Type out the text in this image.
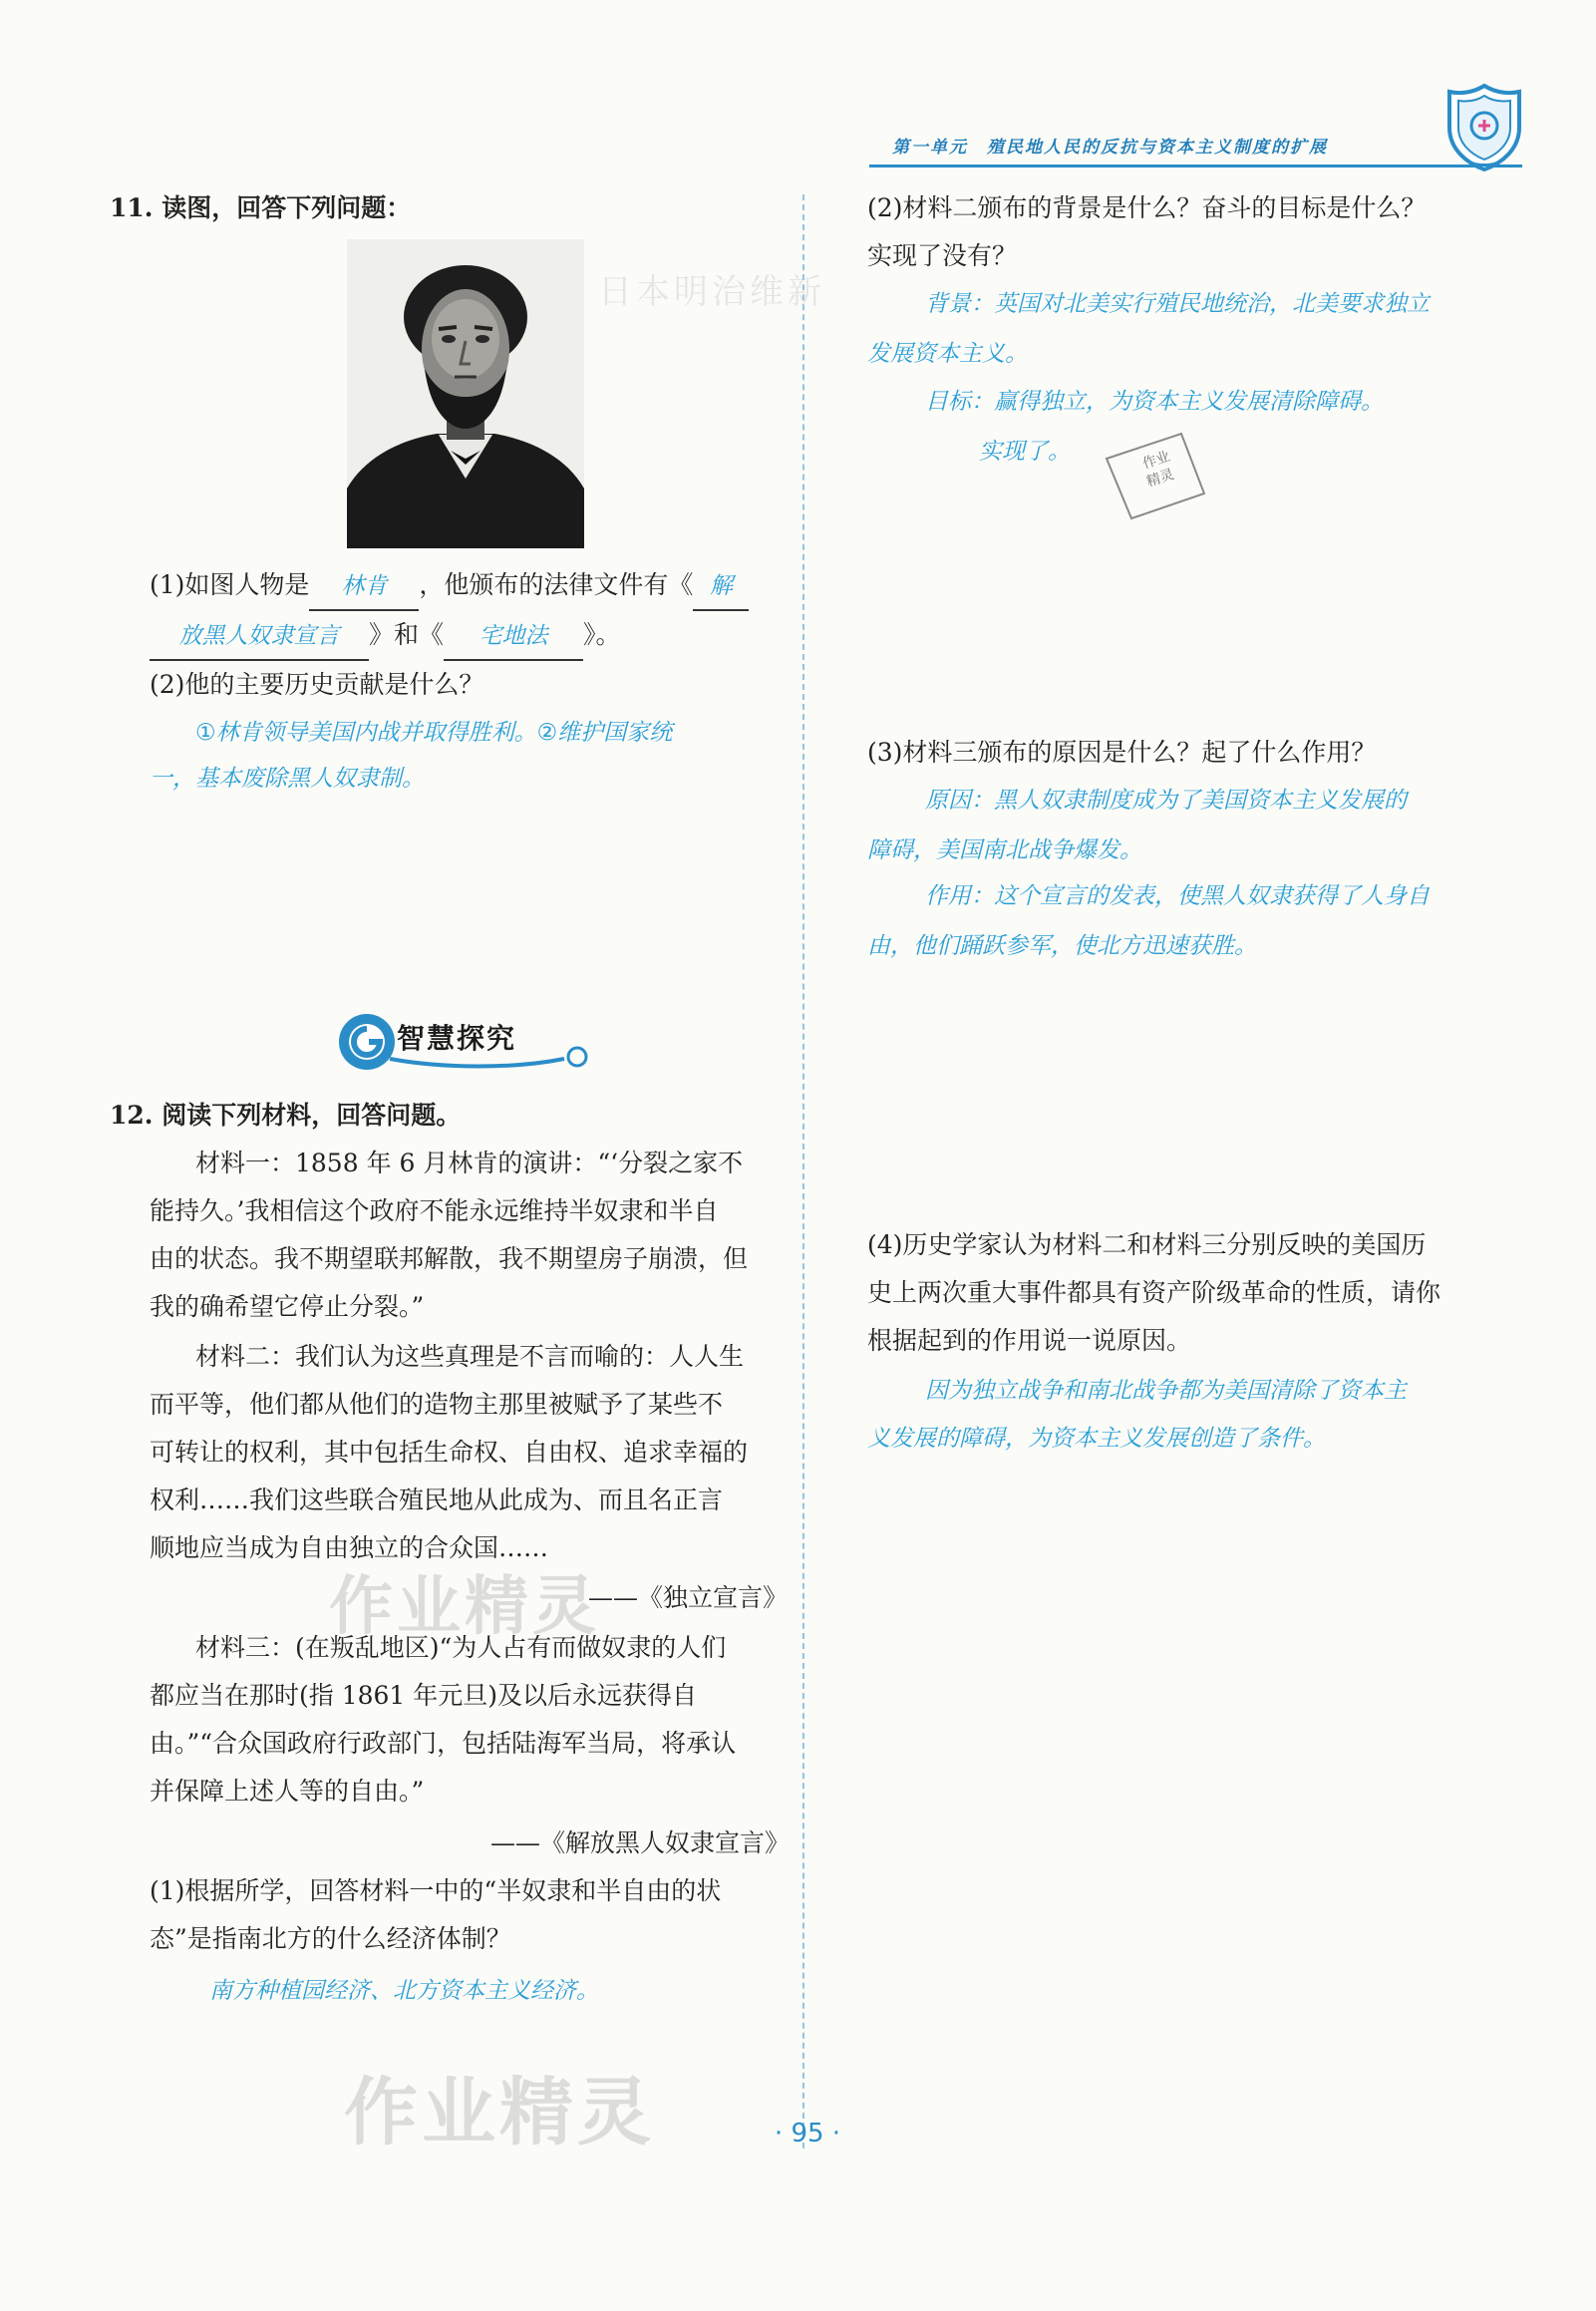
日本明治维新
第一单元　殖民地人民的反抗与资本主义制度的扩展
11. 读图，回答下列问题：
(1)如图人物是 林肯 ，他颁布的法律文件有《 解
放黑人奴隶宣言 》和《 宅地法 》。
(2)他的主要历史贡献是什么？
①林肯领导美国内战并取得胜利。②维护国家统
一，基本废除黑人奴隶制。
智慧探究
12. 阅读下列材料，回答问题。
材料一：1858 年 6 月林肯的演讲：“‘分裂之家不
能持久。’我相信这个政府不能永远维持半奴隶和半自
由的状态。我不期望联邦解散，我不期望房子崩溃，但
我的确希望它停止分裂。”
材料二：我们认为这些真理是不言而喻的：人人生
而平等，他们都从他们的造物主那里被赋予了某些不
可转让的权利，其中包括生命权、自由权、追求幸福的
权利……我们这些联合殖民地从此成为、而且名正言
顺地应当成为自由独立的合众国……
——《独立宣言》
材料三：(在叛乱地区)“为人占有而做奴隶的人们
都应当在那时(指 1861 年元旦)及以后永远获得自
由。”“合众国政府行政部门，包括陆海军当局，将承认
并保障上述人等的自由。”
——《解放黑人奴隶宣言》
(1)根据所学，回答材料一中的“半奴隶和半自由的状
态”是指南北方的什么经济体制？
南方种植园经济、北方资本主义经济。
(2)材料二颁布的背景是什么？奋斗的目标是什么？
实现了没有？
背景：英国对北美实行殖民地统治，北美要求独立
发展资本主义。
目标：赢得独立，为资本主义发展清除障碍。
实现了。	作业
精灵
(3)材料三颁布的原因是什么？起了什么作用？
原因：黑人奴隶制度成为了美国资本主义发展的
障碍，美国南北战争爆发。
作用：这个宣言的发表，使黑人奴隶获得了人身自
由，他们踊跃参军，使北方迅速获胜。
(4)历史学家认为材料二和材料三分别反映的美国历
史上两次重大事件都具有资产阶级革命的性质，请你
根据起到的作用说一说原因。
因为独立战争和南北战争都为美国清除了资本主
义发展的障碍，为资本主义发展创造了条件。
作业精灵
作业精灵	· 95 ·
